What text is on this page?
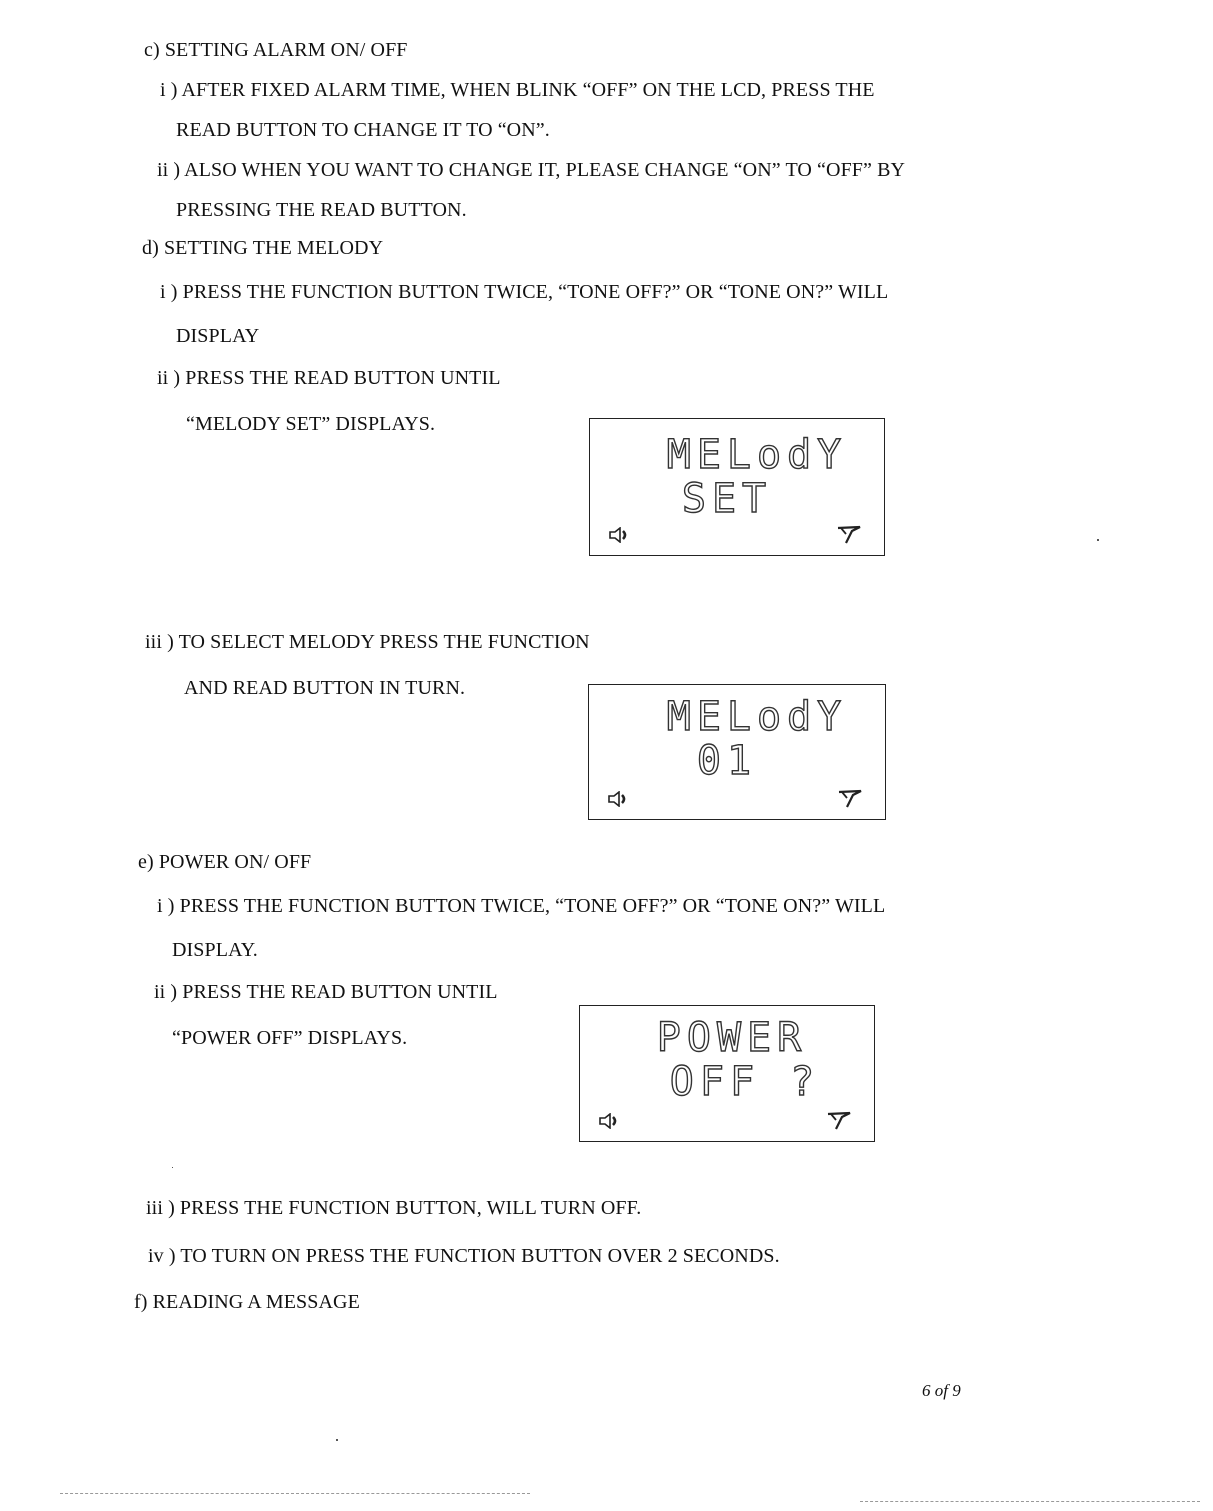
c) SETTING ALARM ON/ OFF
i ) AFTER FIXED ALARM TIME, WHEN BLINK “OFF” ON THE LCD, PRESS THE
READ BUTTON TO CHANGE IT TO “ON”.
ii ) ALSO WHEN YOU WANT TO CHANGE IT, PLEASE CHANGE “ON” TO “OFF” BY
PRESSING THE READ BUTTON.
d) SETTING THE MELODY
i ) PRESS THE FUNCTION BUTTON TWICE, “TONE OFF?” OR “TONE ON?” WILL
DISPLAY
ii ) PRESS THE READ BUTTON UNTIL
“MELODY SET” DISPLAYS.
MELodY
SET
iii ) TO SELECT MELODY PRESS THE FUNCTION
AND READ BUTTON IN TURN.
MELodY
01
e) POWER ON/ OFF
i ) PRESS THE FUNCTION BUTTON TWICE, “TONE OFF?” OR “TONE ON?” WILL
DISPLAY.
ii ) PRESS THE READ BUTTON UNTIL
“POWER OFF” DISPLAYS.	POWER
OFF ?
iii ) PRESS THE FUNCTION BUTTON, WILL TURN OFF.
iv ) TO TURN ON PRESS THE FUNCTION BUTTON OVER 2 SECONDS.
f) READING A MESSAGE
6 of 9
